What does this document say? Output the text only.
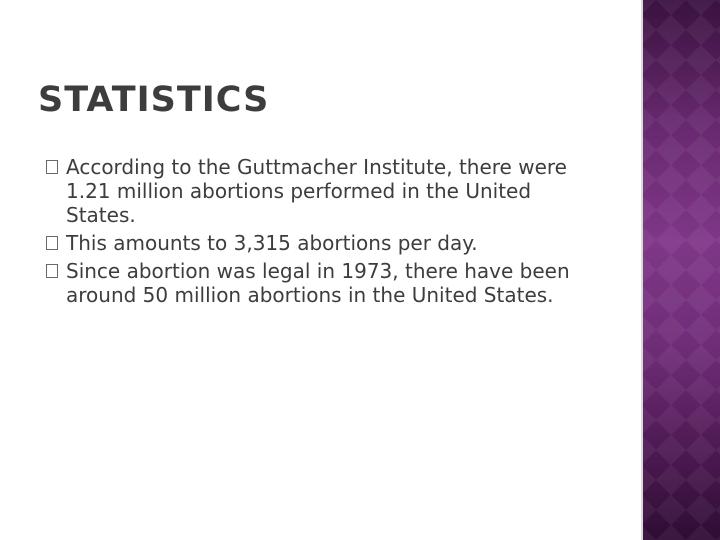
STATISTICS
According to the Guttmacher Institute, there were 1.21 million abortions performed in the United States.
This amounts to 3,315 abortions per day.
Since abortion was legal in 1973, there have been around 50 million abortions in the United States.
